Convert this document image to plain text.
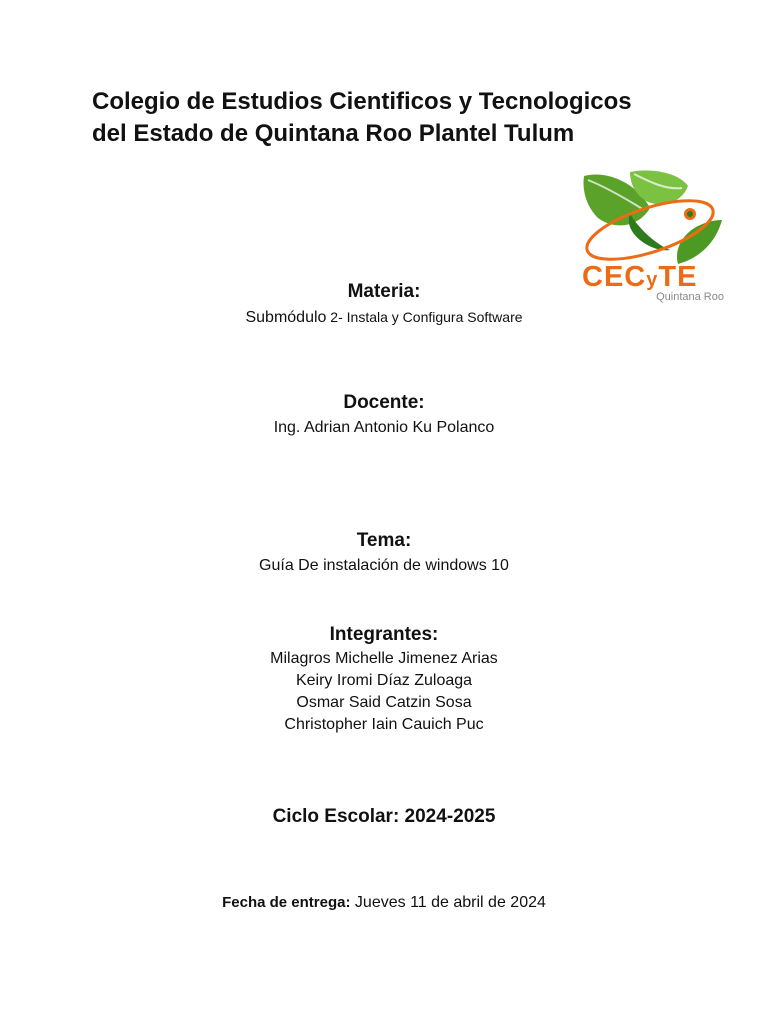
Colegio de Estudios Cientificos y Tecnologicos
del Estado de Quintana Roo Plantel Tulum
CECyTE
Quintana Roo
Materia:
Submódulo 2- Instala y Configura Software
Docente:
Ing. Adrian Antonio Ku Polanco
Tema:
Guía De instalación de windows 10
Integrantes:
Milagros Michelle Jimenez Arias
Keiry Iromi Díaz Zuloaga
Osmar Said Catzin Sosa
Christopher Iain Cauich Puc
Ciclo Escolar: 2024-2025
Fecha de entrega: Jueves 11 de abril de 2024
